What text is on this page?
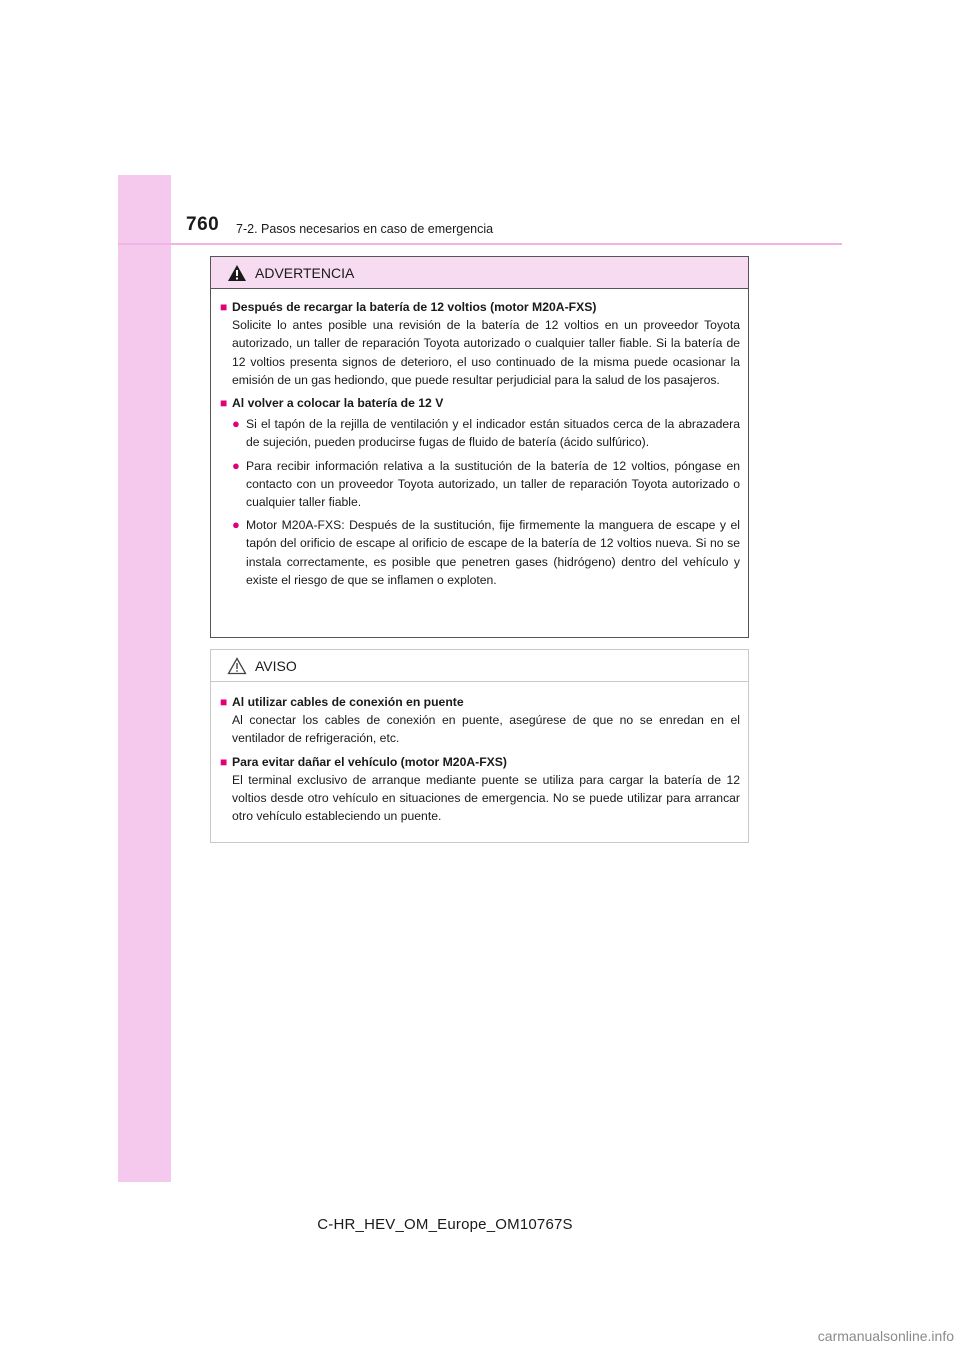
760 7-2. Pasos necesarios en caso de emergencia
ADVERTENCIA
■ Después de recargar la batería de 12 voltios (motor M20A-FXS)
Solicite lo antes posible una revisión de la batería de 12 voltios en un proveedor Toyota autorizado, un taller de reparación Toyota autorizado o cualquier taller fiable. Si la batería de 12 voltios presenta signos de deterioro, el uso continuado de la misma puede ocasionar la emisión de un gas hediondo, que puede resultar perjudicial para la salud de los pasajeros.
■ Al volver a colocar la batería de 12 V
● Si el tapón de la rejilla de ventilación y el indicador están situados cerca de la abrazadera de sujeción, pueden producirse fugas de fluido de batería (ácido sulfúrico).
● Para recibir información relativa a la sustitución de la batería de 12 voltios, póngase en contacto con un proveedor Toyota autorizado, un taller de reparación Toyota autorizado o cualquier taller fiable.
● Motor M20A-FXS: Después de la sustitución, fije firmemente la manguera de escape y el tapón del orificio de escape al orificio de escape de la batería de 12 voltios nueva. Si no se instala correctamente, es posible que penetren gases (hidrógeno) dentro del vehículo y existe el riesgo de que se inflamen o exploten.
AVISO
■ Al utilizar cables de conexión en puente
Al conectar los cables de conexión en puente, asegúrese de que no se enredan en el ventilador de refrigeración, etc.
■ Para evitar dañar el vehículo (motor M20A-FXS)
El terminal exclusivo de arranque mediante puente se utiliza para cargar la batería de 12 voltios desde otro vehículo en situaciones de emergencia. No se puede utilizar para arrancar otro vehículo estableciendo un puente.
C-HR_HEV_OM_Europe_OM10767S
carmanualsonline.info
